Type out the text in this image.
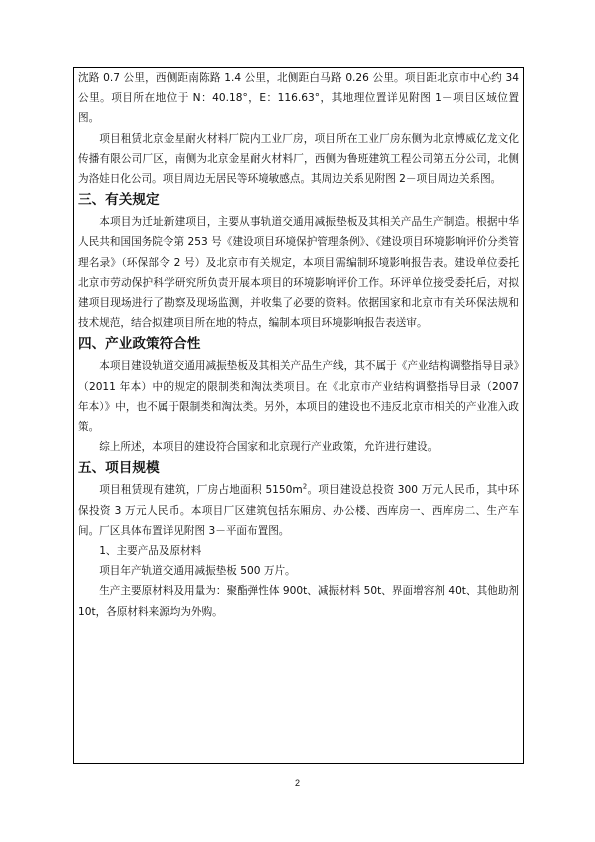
沈路 0.7 公里，西侧距南陈路 1.4 公里，北侧距白马路 0.26 公里。项目距北京市中心约 34 公里。项目所在地位于 N：40.18°，E：116.63°，其地理位置详见附图 1－项目区域位置图。

项目租赁北京金星耐火材料厂院内工业厂房，项目所在工业厂房东侧为北京博威亿龙文化传播有限公司厂区，南侧为北京金星耐火材料厂，西侧为鲁班建筑工程公司第五分公司，北侧为洛娃日化公司。项目周边无居民等环境敏感点。其周边关系见附图 2－项目周边关系图。

三、有关规定

本项目为迁址新建项目，主要从事轨道交通用减振垫板及其相关产品生产制造。根据中华人民共和国国务院令第 253 号《建设项目环境保护管理条例》、《建设项目环境影响评价分类管理名录》（环保部令 2 号）及北京市有关规定，本项目需编制环境影响报告表。建设单位委托北京市劳动保护科学研究所负责开展本项目的环境影响评价工作。环评单位接受委托后，对拟建项目现场进行了勘察及现场监测，并收集了必要的资料。依据国家和北京市有关环保法规和技术规范，结合拟建项目所在地的特点，编制本项目环境影响报告表送审。

四、产业政策符合性

本项目建设轨道交通用减振垫板及其相关产品生产线，其不属于《产业结构调整指导目录》（2011 年本）中的规定的限制类和淘汰类项目。在《北京市产业结构调整指导目录（2007 年本）》中，也不属于限制类和淘汰类。另外，本项目的建设也不违反北京市相关的产业准入政策。

综上所述，本项目的建设符合国家和北京现行产业政策，允许进行建设。

五、项目规模

项目租赁现有建筑，厂房占地面积 $5150m^2$。项目建设总投资 300 万元人民币，其中环保投资 3 万元人民币。本项目厂区建筑包括东厢房、办公楼、西库房一、西库房二、生产车间。厂区具体布置详见附图 3－平面布置图。

1、主要产品及原材料

项目年产轨道交通用减振垫板 500 万片。

生产主要原材料及用量为：聚酯弹性体 900t、减振材料 50t、界面增容剂 40t、其他助剂 10t，各原材料来源均为外购。

2
